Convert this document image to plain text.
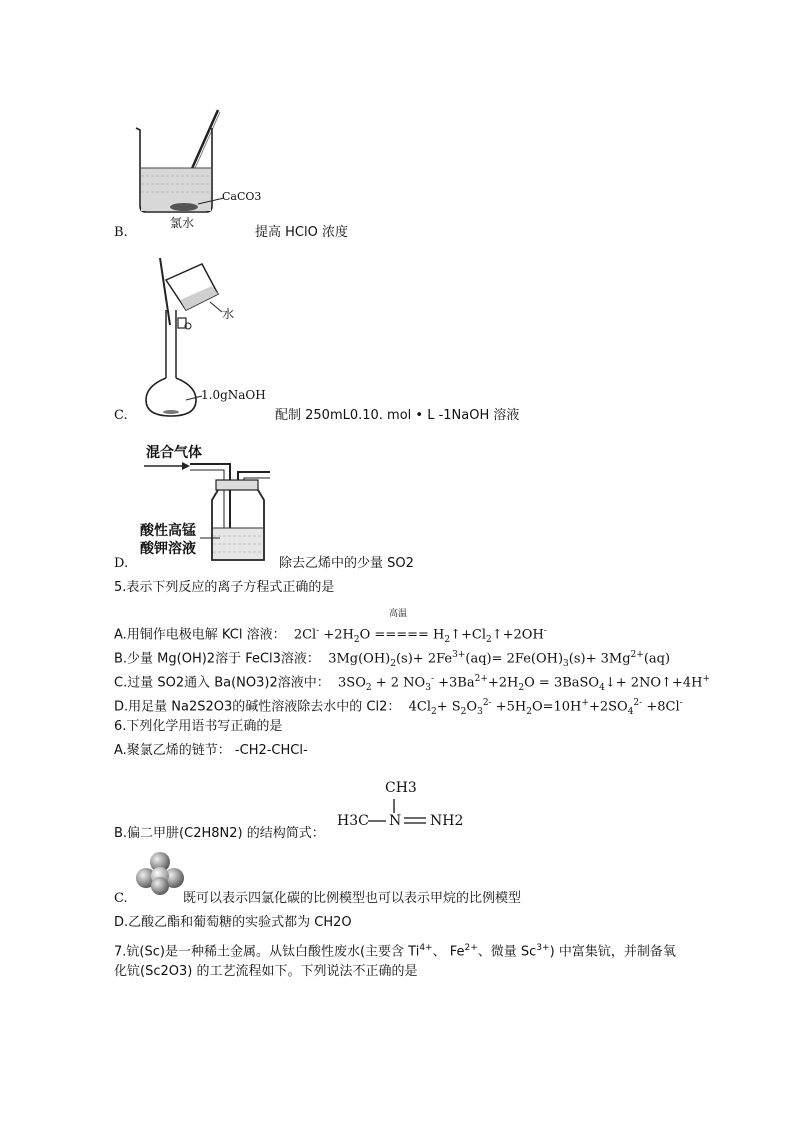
CaCO3
氯水
B.	提高 HClO 浓度
水
1.0gNaOH
C.	配制 250mL0.10. mol • L -1NaOH 溶液
混合气体
酸性高锰
酸钾溶液
D.	除去乙烯中的少量 SO2
5.表示下列反应的离子方程式正确的是
高温
A.用铜作电极电解 KCl 溶液：  $2Cl^- +2H_2O$ ===== $H_2↑+Cl_2↑+2OH^-$
B.少量 Mg(OH)2溶于 FeCl3溶液：  $3Mg(OH)_2(s)+ 2Fe^{3+}(aq)= 2Fe(OH)_3(s)+ 3Mg^{2+}(aq)$
C.过量 SO2通入 Ba(NO3)2溶液中：  $3SO_2 + 2$ $NO_3^- +3Ba^{2+}+2H_2O$ = 3BaSO$_4$↓+ 2NO↑+4H+
D.用足量 Na2S2O3的碱性溶液除去水中的 Cl2：  $4Cl_2+ S_2O_3^{2-} +5H_2O=10H^++2SO_4^{2-} +8Cl^-$
6.下列化学用语书写正确的是
A.聚氯乙烯的链节： -CH2-CHCl-
CH3
H3C N NH2
B.偏二甲肼(C2H8N2) 的结构简式：
C.	既可以表示四氯化碳的比例模型也可以表示甲烷的比例模型
D.乙酸乙酯和葡萄糖的实验式都为 CH2O
7.钪(Sc)是一种稀土金属。从钛白酸性废水(主要含 $Ti^{4+}$、 $Fe^{2+}$、微量 $Sc^{3+}$) 中富集钪，并制备氧
化钪(Sc2O3) 的工艺流程如下。下列说法不正确的是
